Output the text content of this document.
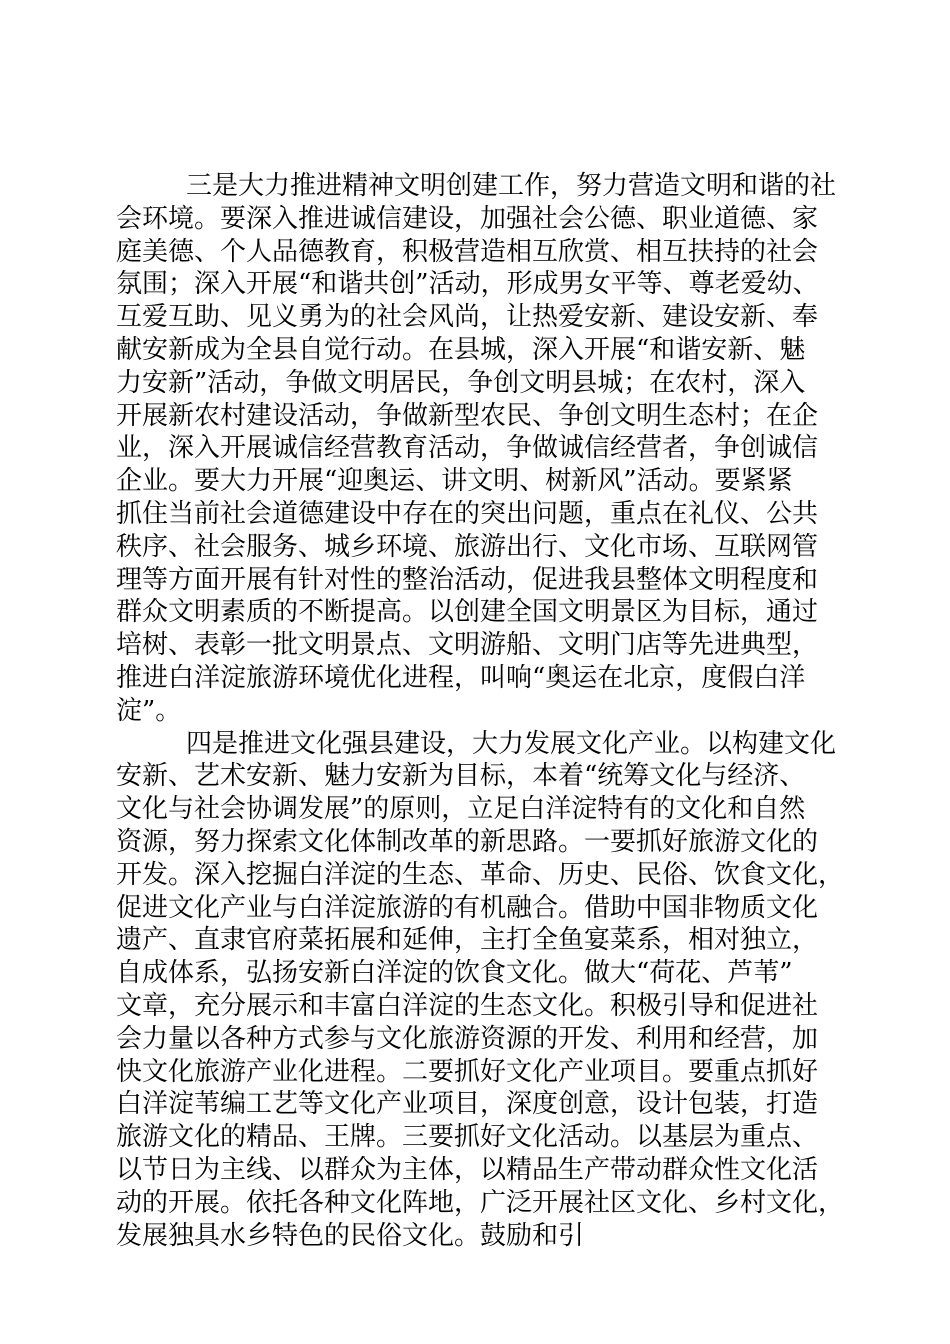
三是大力推进精神文明创建工作，努力营造文明和谐的社
会环境。要深入推进诚信建设，加强社会公德、职业道德、家
庭美德、个人品德教育，积极营造相互欣赏、相互扶持的社会
氛围；深入开展“和谐共创”活动，形成男女平等、尊老爱幼、
互爱互助、见义勇为的社会风尚，让热爱安新、建设安新、奉
献安新成为全县自觉行动。在县城，深入开展“和谐安新、魅
力安新”活动，争做文明居民，争创文明县城；在农村，深入
开展新农村建设活动，争做新型农民、争创文明生态村；在企
业，深入开展诚信经营教育活动，争做诚信经营者，争创诚信
企业。要大力开展“迎奥运、讲文明、树新风”活动。要紧紧
抓住当前社会道德建设中存在的突出问题，重点在礼仪、公共
秩序、社会服务、城乡环境、旅游出行、文化市场、互联网管
理等方面开展有针对性的整治活动，促进我县整体文明程度和
群众文明素质的不断提高。以创建全国文明景区为目标，通过
培树、表彰一批文明景点、文明游船、文明门店等先进典型，
推进白洋淀旅游环境优化进程，叫响“奥运在北京，度假白洋
淀”。
四是推进文化强县建设，大力发展文化产业。以构建文化
安新、艺术安新、魅力安新为目标，本着“统筹文化与经济、
文化与社会协调发展”的原则，立足白洋淀特有的文化和自然
资源，努力探索文化体制改革的新思路。一要抓好旅游文化的
开发。深入挖掘白洋淀的生态、革命、历史、民俗、饮食文化，
促进文化产业与白洋淀旅游的有机融合。借助中国非物质文化
遗产、直隶官府菜拓展和延伸，主打全鱼宴菜系，相对独立，
自成体系，弘扬安新白洋淀的饮食文化。做大“荷花、芦苇”
文章，充分展示和丰富白洋淀的生态文化。积极引导和促进社
会力量以各种方式参与文化旅游资源的开发、利用和经营，加
快文化旅游产业化进程。二要抓好文化产业项目。要重点抓好
白洋淀苇编工艺等文化产业项目，深度创意，设计包装，打造
旅游文化的精品、王牌。三要抓好文化活动。以基层为重点、
以节日为主线、以群众为主体，以精品生产带动群众性文化活
动的开展。依托各种文化阵地，广泛开展社区文化、乡村文化，
发展独具水乡特色的民俗文化。鼓励和引
